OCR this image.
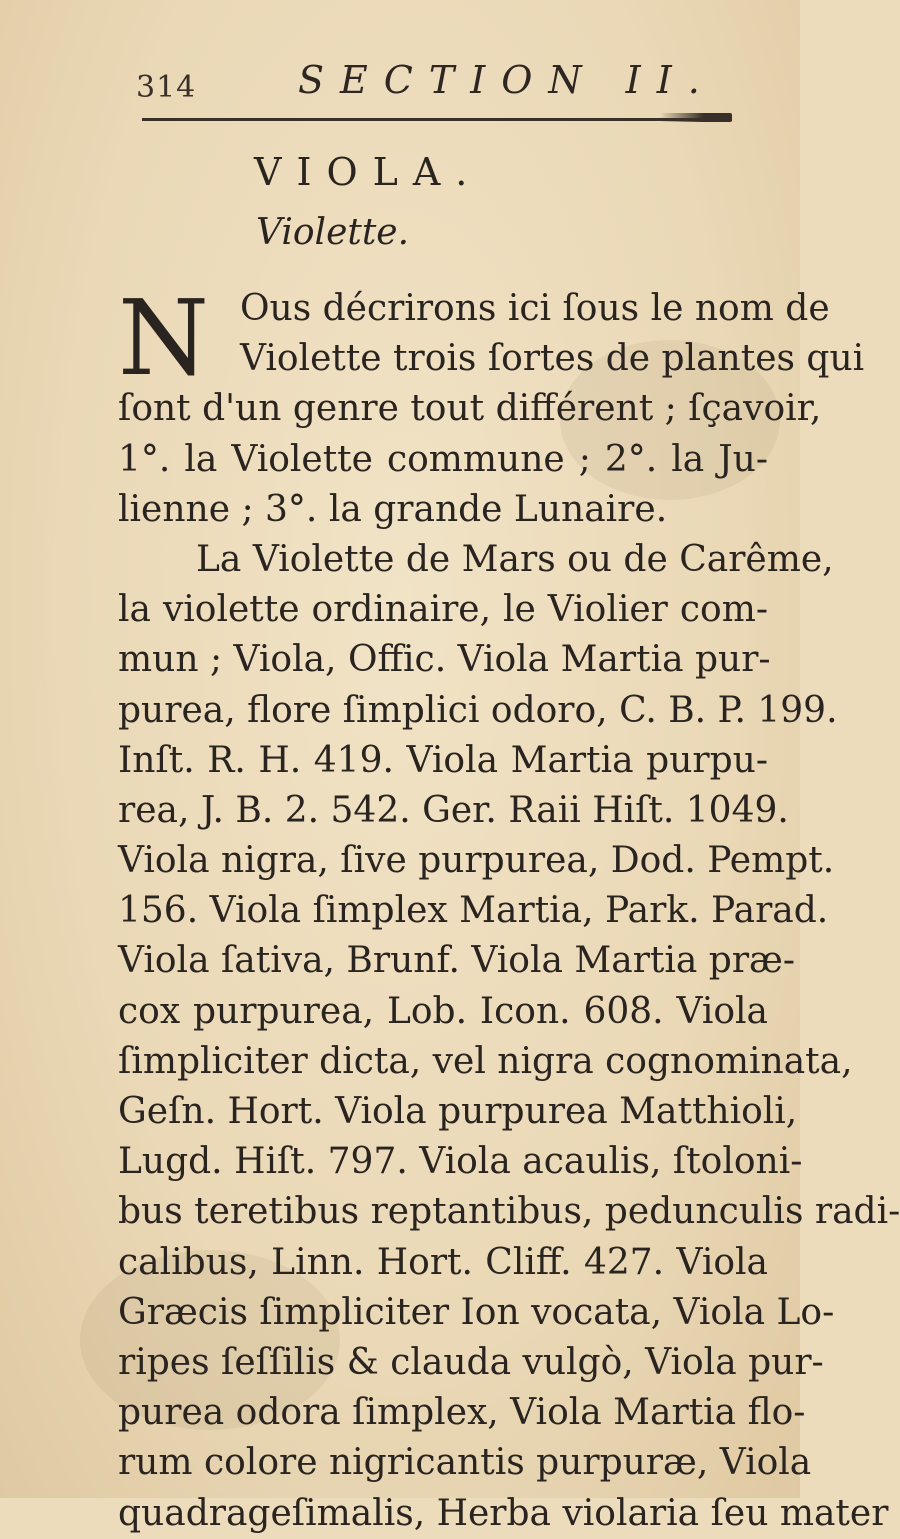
314	SECTION II.
VIOLA.
Violette.
N Ous décrirons ici ſous le nom de
Violette trois ſortes de plantes qui
ſont d'un genre tout différent ; ſçavoir,
1°. la Violette commune ; 2°. la Ju-
lienne ; 3°. la grande Lunaire.
La Violette de Mars ou de Carême,
la violette ordinaire, le Violier com-
mun ; Viola, Offic. Viola Martia pur-
purea, flore ſimplici odoro, C. B. P. 199.
Inſt. R. H. 419. Viola Martia purpu-
rea, J. B. 2. 542. Ger. Raii Hiſt. 1049.
Viola nigra, ſive purpurea, Dod. Pempt.
156. Viola ſimplex Martia, Park. Parad.
Viola ſativa, Brunf. Viola Martia præ-
cox purpurea, Lob. Icon. 608. Viola
ſimpliciter dicta, vel nigra cognominata,
Geſn. Hort. Viola purpurea Matthioli,
Lugd. Hiſt. 797. Viola acaulis, ſtoloni-
bus teretibus reptantibus, pedunculis radi-
calibus, Linn. Hort. Cliff. 427. Viola
Græcis ſimpliciter Ion vocata, Viola Lo-
ripes ſeſſilis & clauda vulgò, Viola pur-
purea odora ſimplex, Viola Martia flo-
rum colore nigricantis purpuræ, Viola
quadrageſimalis, Herba violaria ſeu mater
